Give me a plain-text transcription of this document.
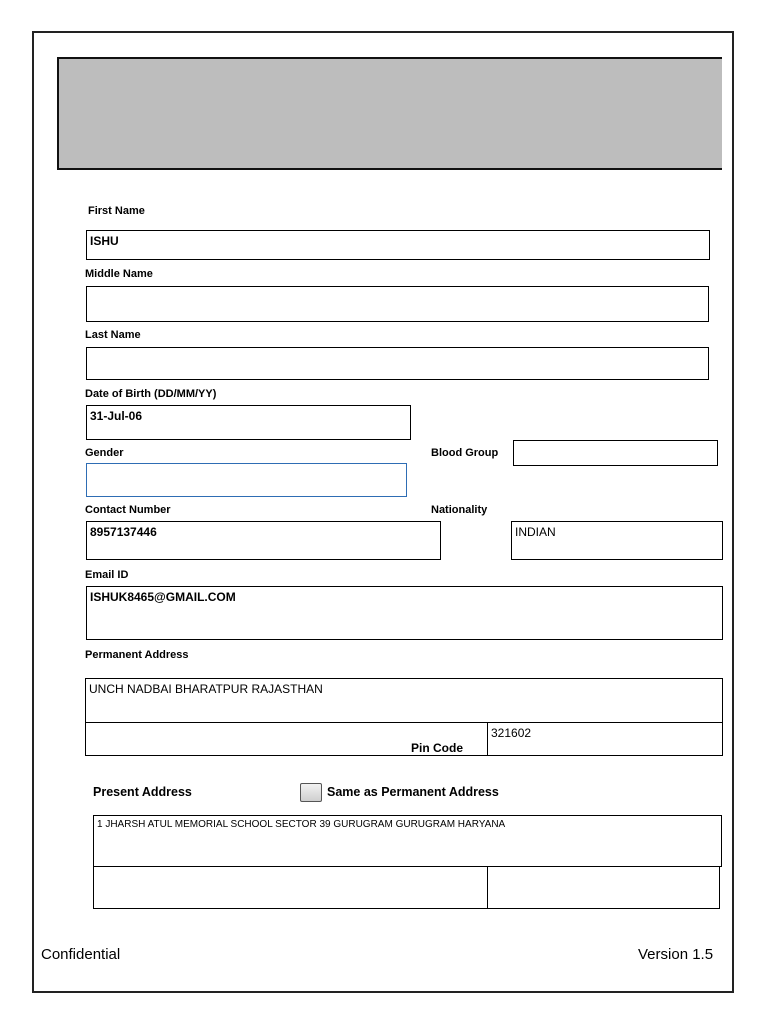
First Name
ISHU
Middle Name
Last Name
Date of Birth (DD/MM/YY)
31-Jul-06
Gender	Blood Group
Contact Number
8957137446
Nationality
INDIAN
Email ID
ISHUK8465@GMAIL.COM
Permanent Address
UNCH NADBAI BHARATPUR RAJASTHAN
Pin Code
321602
Present Address	Same as Permanent Address
1 JHARSH ATUL MEMORIAL SCHOOL SECTOR 39 GURUGRAM GURUGRAM HARYANA
Confidential	Version 1.5
